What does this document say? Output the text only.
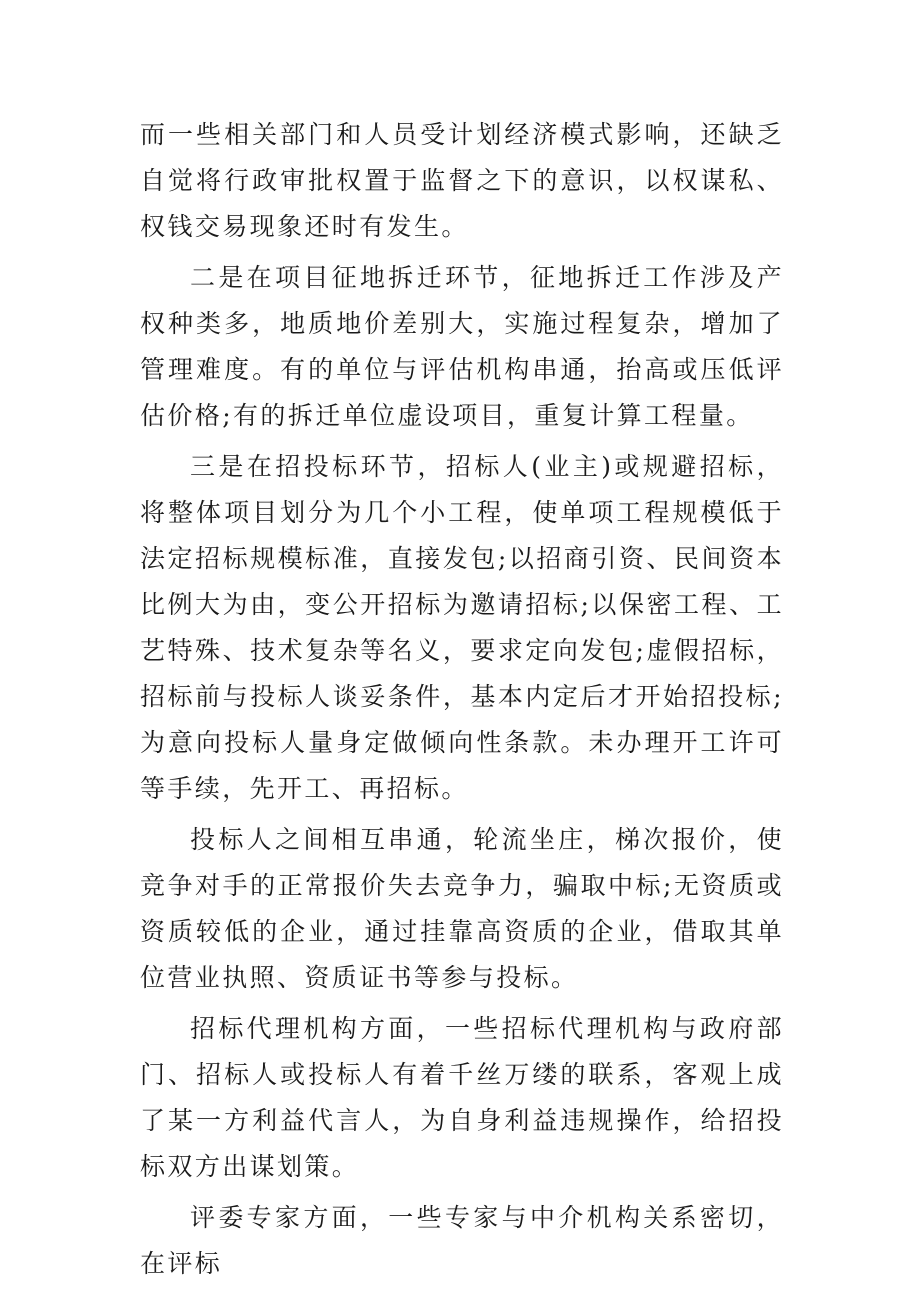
而一些相关部门和人员受计划经济模式影响，还缺乏自觉将行政审批权置于监督之下的意识，以权谋私、权钱交易现象还时有发生。

二是在项目征地拆迁环节，征地拆迁工作涉及产权种类多，地质地价差别大，实施过程复杂，增加了管理难度。有的单位与评估机构串通，抬高或压低评估价格;有的拆迁单位虚设项目，重复计算工程量。

三是在招投标环节，招标人(业主)或规避招标，将整体项目划分为几个小工程，使单项工程规模低于法定招标规模标准，直接发包;以招商引资、民间资本比例大为由，变公开招标为邀请招标;以保密工程、工艺特殊、技术复杂等名义，要求定向发包;虚假招标，招标前与投标人谈妥条件，基本内定后才开始招投标;为意向投标人量身定做倾向性条款。未办理开工许可等手续，先开工、再招标。

投标人之间相互串通，轮流坐庄，梯次报价，使竞争对手的正常报价失去竞争力，骗取中标;无资质或资质较低的企业，通过挂靠高资质的企业，借取其单位营业执照、资质证书等参与投标。

招标代理机构方面，一些招标代理机构与政府部门、招标人或投标人有着千丝万缕的联系，客观上成了某一方利益代言人，为自身利益违规操作，给招投标双方出谋划策。

评委专家方面，一些专家与中介机构关系密切，在评标
